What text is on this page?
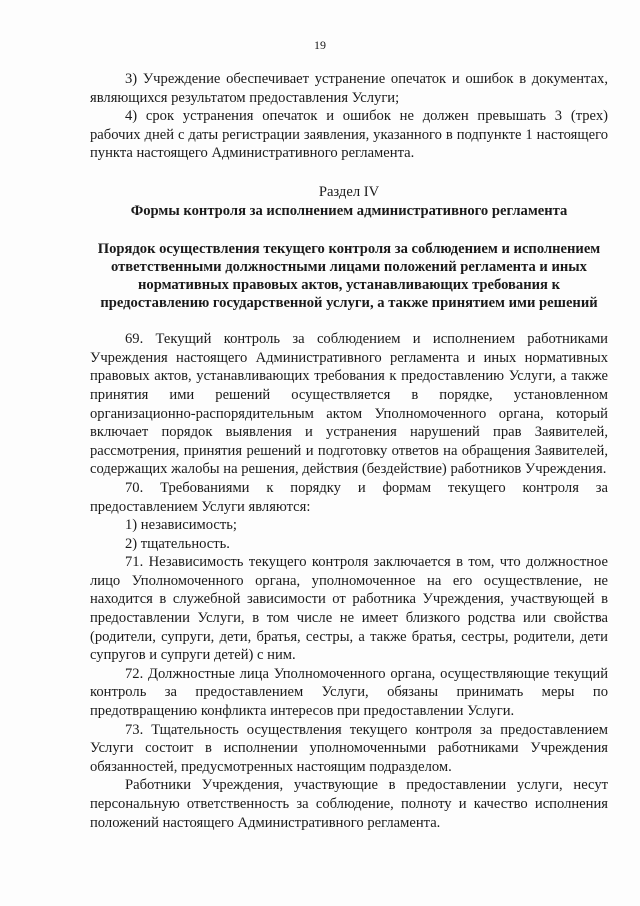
19

3) Учреждение обеспечивает устранение опечаток и ошибок в документах, являющихся результатом предоставления Услуги;

4) срок устранения опечаток и ошибок не должен превышать 3 (трех) рабочих дней с даты регистрации заявления, указанного в подпункте 1 настоящего пункта настоящего Административного регламента.

Раздел IV

Формы контроля за исполнением административного регламента

Порядок осуществления текущего контроля за соблюдением и исполнением ответственными должностными лицами положений регламента и иных нормативных правовых актов, устанавливающих требования к предоставлению государственной услуги, а также принятием ими решений

69. Текущий контроль за соблюдением и исполнением работниками Учреждения настоящего Административного регламента и иных нормативных правовых актов, устанавливающих требования к предоставлению Услуги, а также принятия ими решений осуществляется в порядке, установленном организационно-распорядительным актом Уполномоченного органа, который включает порядок выявления и устранения нарушений прав Заявителей, рассмотрения, принятия решений и подготовку ответов на обращения Заявителей, содержащих жалобы на решения, действия (бездействие) работников Учреждения.

70. Требованиями к порядку и формам текущего контроля за предоставлением Услуги являются:

1) независимость;

2) тщательность.

71. Независимость текущего контроля заключается в том, что должностное лицо Уполномоченного органа, уполномоченное на его осуществление, не находится в служебной зависимости от работника Учреждения, участвующей в предоставлении Услуги, в том числе не имеет близкого родства или свойства (родители, супруги, дети, братья, сестры, а также братья, сестры, родители, дети супругов и супруги детей) с ним.

72. Должностные лица Уполномоченного органа, осуществляющие текущий контроль за предоставлением Услуги, обязаны принимать меры по предотвращению конфликта интересов при предоставлении Услуги.

73. Тщательность осуществления текущего контроля за предоставлением Услуги состоит в исполнении уполномоченными работниками Учреждения обязанностей, предусмотренных настоящим подразделом.

Работники Учреждения, участвующие в предоставлении услуги, несут персональную ответственность за соблюдение, полноту и качество исполнения положений настоящего Административного регламента.
